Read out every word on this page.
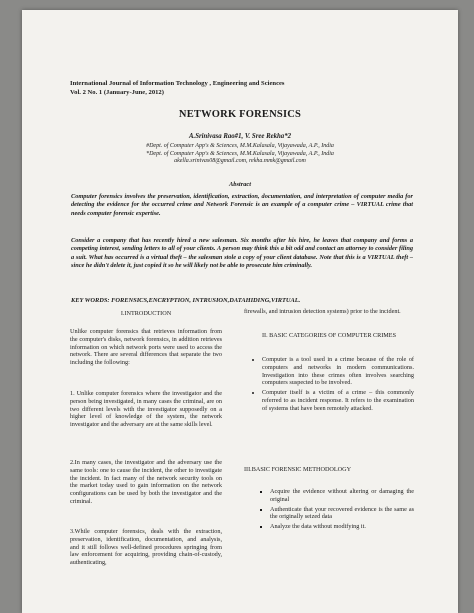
International Journal of Information Technology , Engineering and Sciences
Vol. 2 No. 1 (January-June, 2012)
NETWORK FORENSICS
A.Srinivasa Rao#1, V. Sree Rekha*2
#Dept. of Computer App's & Sciences, M.M.Kalasala, Vijayawada, A.P., India
*Dept. of Computer App's & Sciences, M.M.Kalasala, Vijayawada, A.P., India
akella.srinivas08@gmail.com, rekha.mmk@gmail.com
Abstract
Computer forensics involves the preservation, identification, extraction, documentation, and interpretation of computer media for detecting the evidence for the occurred crime and Network Forensic is an example of a computer crime – VIRTUAL crime that needs computer forensic expertise.
Consider a company that has recently hired a new salesman. Six months after his hire, he leaves that company and forms a competing interest, sending letters to all of your clients. A person may think this a bit odd and contact an attorney to consider filing a suit. What has occurred is a virtual theft – the salesman stole a copy of your client database. Note that this is a VIRTUAL theft – since he didn't delete it, just copied it so he will likely not be able to prosecute him criminally.
KEY WORDS: FORENSICS,ENCRYPTION, INTRUSION,DATAHIDING,VIRTUAL.
I.INTRODUCTION
Unlike computer forensics that retrieves information from the computer's disks, network forensics, in addition retrieves information on which network ports were used to access the network. There are several differences that separate the two including the following:
1. Unlike computer forensics where the investigator and the person being investigated, in many cases the criminal, are on two different levels with the investigator supposedly on a higher level of knowledge of the system, the network investigator and the adversary are at the same skills level.
2.In many cases, the investigator and the adversary use the same tools: one to cause the incident, the other to investigate the incident. In fact many of the network security tools on the market today used to gain information on the network configurations can be used by both the investigator and the criminal.
3.While computer forensics, deals with the extraction, preservation, identification, documentation, and analysis, and it still follows well-defined procedures springing from law enforcement for acquiring, providing chain-of-custody, authenticating,
firewalls, and intrusion detection systems) prior to the incident.
II. BASIC CATEGORIES OF COMPUTER CRIMES
• Computer is a tool used in a crime because of the role of computers and networks in modern communications. Investigation into these crimes often involves searching computers suspected to be involved.
• Computer itself is a victim of a crime – this commonly referred to as incident response. It refers to the examination of systems that have been remotely attacked.
III.BASIC FORENSIC METHODOLOGY
▪ Acquire the evidence without altering or damaging the original
▪ Authenticate that your recovered evidence is the same as the originally seized data
▪ Analyze the data without modifying it.
